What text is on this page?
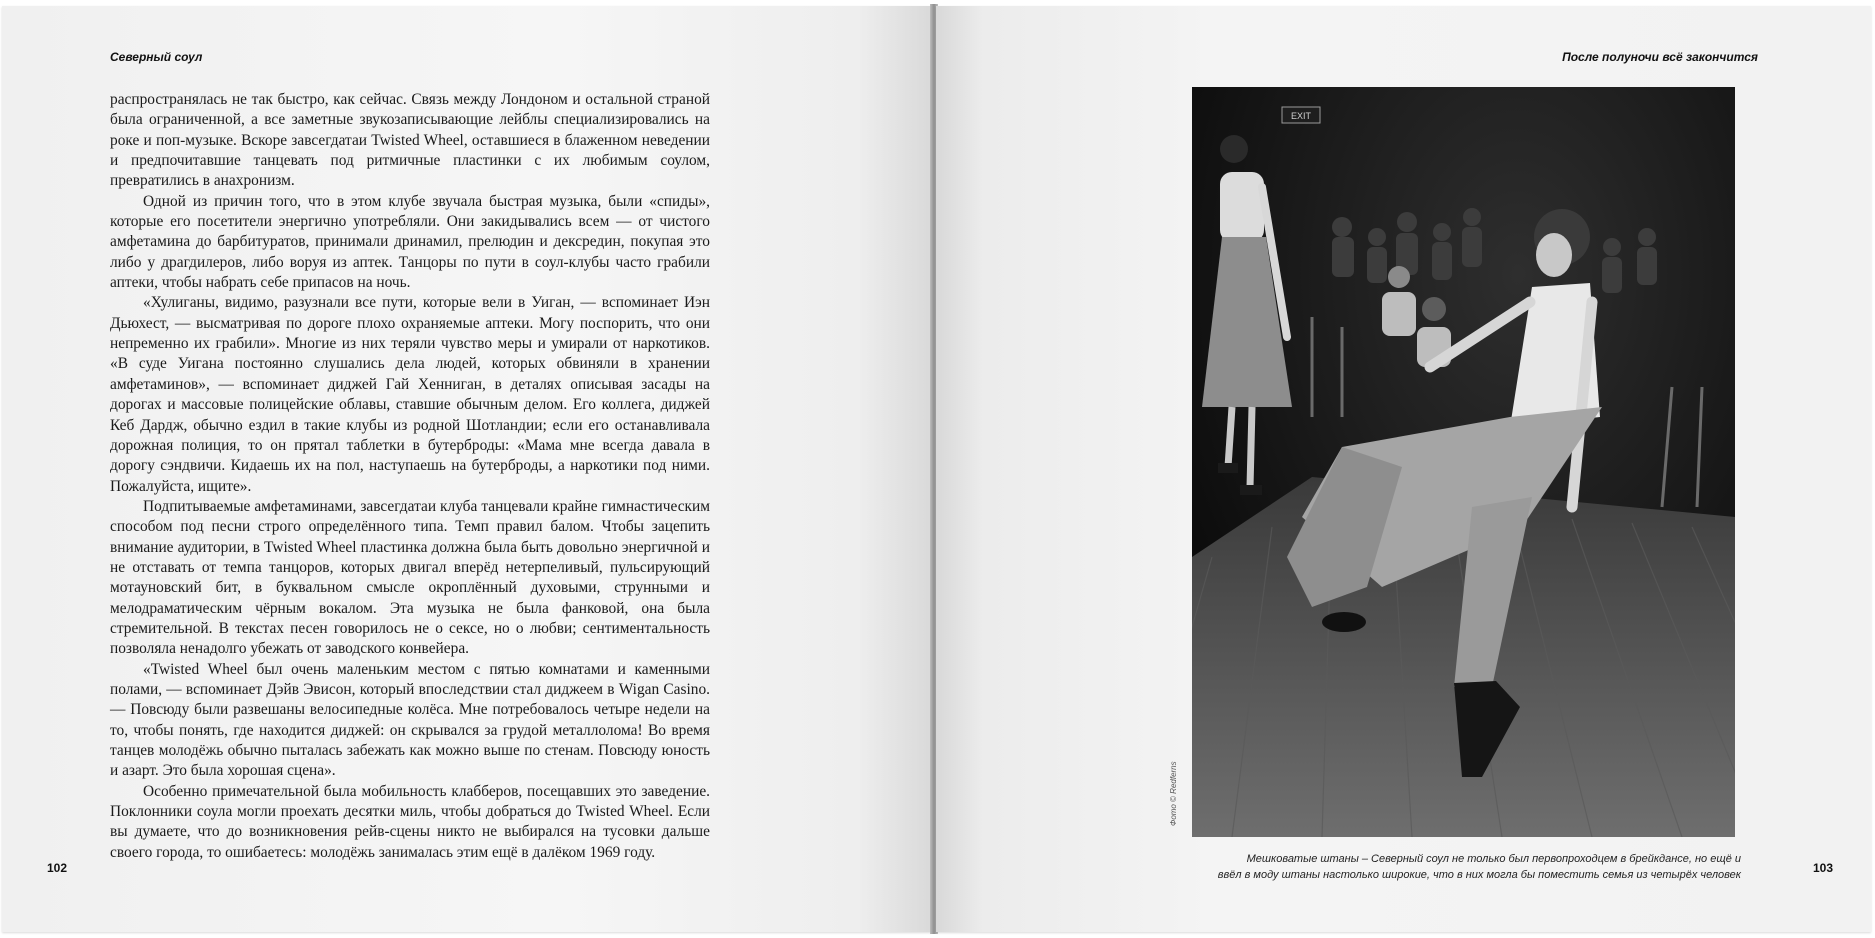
Северный соул

распространялась не так быстро, как сейчас. Связь между Лондоном и остальной страной была ограниченной, а все заметные звукозаписывающие лейблы специализировались на роке и поп-музыке. Вскоре завсегдатаи Twisted Wheel, оставшиеся в блаженном неведении и предпочитавшие танцевать под ритмичные пластинки с их любимым соулом, превратились в анахронизм.

Одной из причин того, что в этом клубе звучала быстрая музыка, были «спиды», которые его посетители энергично употребляли. Они закидывались всем — от чистого амфетамина до барбитуратов, принимали дринамил, прелюдин и дексредин, покупая это либо у драгдилеров, либо воруя из аптек. Танцоры по пути в соул-клубы часто грабили аптеки, чтобы набрать себе припасов на ночь.

«Хулиганы, видимо, разузнали все пути, которые вели в Уиган, — вспоминает Иэн Дьюхест, — высматривая по дороге плохо охраняемые аптеки. Могу поспорить, что они непременно их грабили». Многие из них теряли чувство меры и умирали от наркотиков. «В суде Уигана постоянно слушались дела людей, которых обвиняли в хранении амфетаминов», — вспоминает диджей Гай Хенниган, в деталях описывая засады на дорогах и массовые полицейские облавы, ставшие обычным делом. Его коллега, диджей Кеб Дардж, обычно ездил в такие клубы из родной Шотландии; если его останавливала дорожная полиция, то он прятал таблетки в бутерброды: «Мама мне всегда давала в дорогу сэндвичи. Кидаешь их на пол, наступаешь на бутерброды, а наркотики под ними. Пожалуйста, ищите».

Подпитываемые амфетаминами, завсегдатаи клуба танцевали крайне гимнастическим способом под песни строго определённого типа. Темп правил балом. Чтобы зацепить внимание аудитории, в Twisted Wheel пластинка должна была быть довольно энергичной и не отставать от темпа танцоров, которых двигал вперёд нетерпеливый, пульсирующий мотауновский бит, в буквальном смысле окроплённый духовыми, струнными и мелодраматическим чёрным вокалом. Эта музыка не была фанковой, она была стремительной. В текстах песен говорилось не о сексе, но о любви; сентиментальность позволяла ненадолго убежать от заводского конвейера.

«Twisted Wheel был очень маленьким местом с пятью комнатами и каменными полами, — вспоминает Дэйв Эвисон, который впоследствии стал диджеем в Wigan Casino. — Повсюду были развешаны велосипедные колёса. Мне потребовалось четыре недели на то, чтобы понять, где находится диджей: он скрывался за грудой металлолома! Во время танцев молодёжь обычно пыталась забежать как можно выше по стенам. Повсюду юность и азарт. Это была хорошая сцена».

Особенно примечательной была мобильность клабберов, посещавших это заведение. Поклонники соула могли проехать десятки миль, чтобы добраться до Twisted Wheel. Если вы думаете, что до возникновения рейв-сцены никто не выбирался на тусовки дальше своего города, то ошибаетесь: молодёжь занималась этим ещё в далёком 1969 году.

102
После полуночи всё закончится
EXIT
Фото © Redferns
Мешковатые штаны – Северный соул не только был первопроходцем в брейкдансе, но ещё и
ввёл в моду штаны настолько широкие, что в них могла бы поместить семья из четырёх человек	103
